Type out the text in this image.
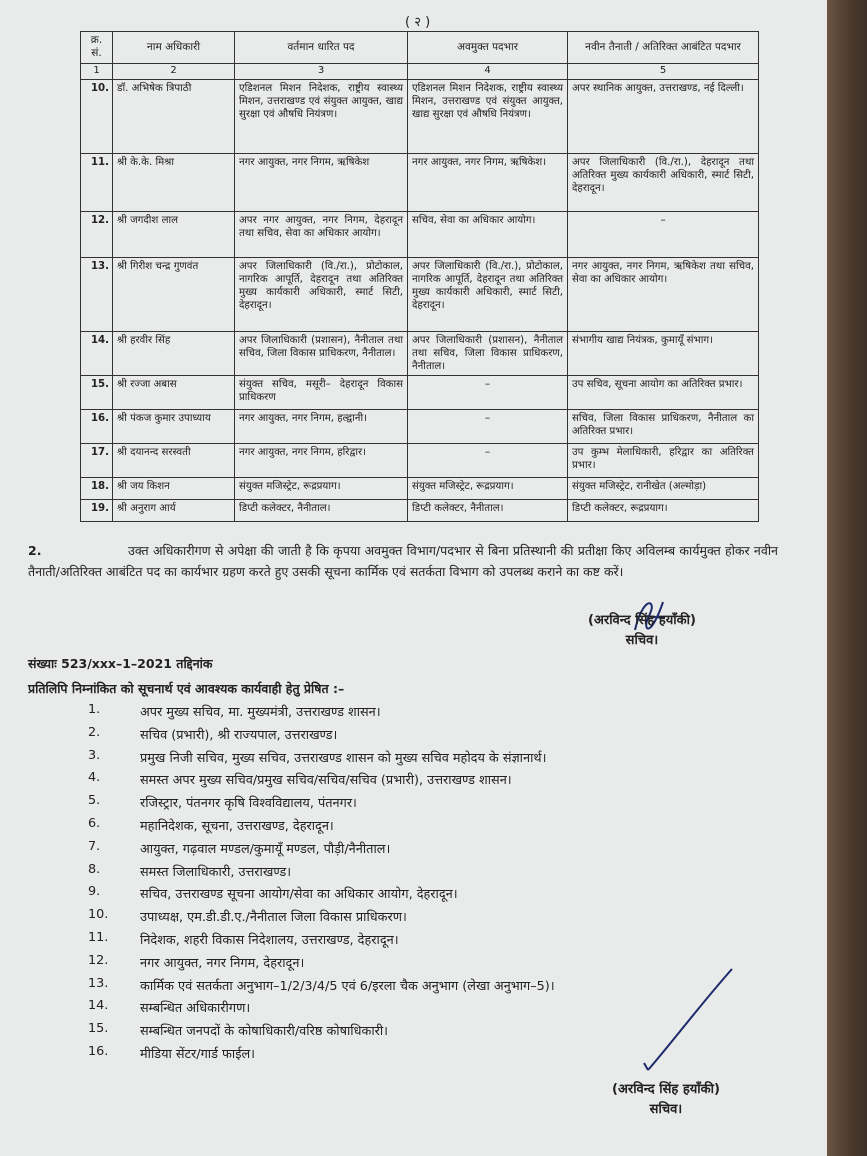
( २ )
क्र. सं.	नाम अधिकारी	वर्तमान धारित पद	अवमुक्त पदभार	नवीन तैनाती / अतिरिक्त आबंटित पदभार
1	2	3	4	5
10.	डॉ. अभिषेक त्रिपाठी	एडिशनल मिशन निदेशक, राष्ट्रीय स्वास्थ्य मिशन, उत्तराखण्ड एवं संयुक्त आयुक्त, खाद्य सुरक्षा एवं औषधि नियंत्रण।	एडिशनल मिशन निदेशक, राष्ट्रीय स्वास्थ्य मिशन, उत्तराखण्ड एवं संयुक्त आयुक्त, खाद्य सुरक्षा एवं औषधि नियंत्रण।	अपर स्थानिक आयुक्त, उत्तराखण्ड, नई दिल्ली।
11.	श्री के.के. मिश्रा	नगर आयुक्त, नगर निगम, ऋषिकेश	नगर आयुक्त, नगर निगम, ऋषिकेश।	अपर जिलाधिकारी (वि./रा.), देहरादून तथा अतिरिक्त मुख्य कार्यकारी अधिकारी, स्मार्ट सिटी, देहरादून।
12.	श्री जगदीश लाल	अपर नगर आयुक्त, नगर निगम, देहरादून तथा सचिव, सेवा का अधिकार आयोग।	सचिव, सेवा का अधिकार आयोग।	–
13.	श्री गिरीश चन्द्र गुणवंत	अपर जिलाधिकारी (वि./रा.), प्रोटोकाल, नागरिक आपूर्ति, देहरादून तथा अतिरिक्त मुख्य कार्यकारी अधिकारी, स्मार्ट सिटी, देहरादून।	अपर जिलाधिकारी (वि./रा.), प्रोटोकाल, नागरिक आपूर्ति, देहरादून तथा अतिरिक्त मुख्य कार्यकारी अधिकारी, स्मार्ट सिटी, देहरादून।	नगर आयुक्त, नगर निगम, ऋषिकेश तथा सचिव, सेवा का अधिकार आयोग।
14.	श्री हरवीर सिंह	अपर जिलाधिकारी (प्रशासन), नैनीताल तथा सचिव, जिला विकास प्राधिकरण, नैनीताल।	अपर जिलाधिकारी (प्रशासन), नैनीताल तथा सचिव, जिला विकास प्राधिकरण, नैनीताल।	संभागीय खाद्य नियंत्रक, कुमायूँ संभाग।
15.	श्री रज्जा अबास	संयुक्त सचिव, मसूरी– देहरादून विकास प्राधिकरण	–	उप सचिव, सूचना आयोग का अतिरिक्त प्रभार।
16.	श्री पंकज कुमार उपाध्याय	नगर आयुक्त, नगर निगम, हल्द्वानी।	–	सचिव, जिला विकास प्राधिकरण, नैनीताल का अतिरिक्त प्रभार।
17.	श्री दयानन्द सरस्वती	नगर आयुक्त, नगर निगम, हरिद्वार।	–	उप कुम्भ मेलाधिकारी, हरिद्वार का अतिरिक्त प्रभार।
18.	श्री जय किशन	संयुक्त मजिस्ट्रेट, रूद्रप्रयाग।	संयुक्त मजिस्ट्रेट, रूद्रप्रयाग।	संयुक्त मजिस्ट्रेट, रानीखेत (अल्मोड़ा)
19.	श्री अनुराग आर्य	डिप्टी कलेक्टर, नैनीताल।	डिप्टी कलेक्टर, नैनीताल।	डिप्टी कलेक्टर, रूद्रप्रयाग।
2.	उक्त अधिकारीगण से अपेक्षा की जाती है कि कृपया अवमुक्त विभाग/पदभार से बिना प्रतिस्थानी की प्रतीक्षा किए अविलम्ब कार्यमुक्त होकर नवीन तैनाती/अतिरिक्त आबंटित पद का कार्यभार ग्रहण करते हुए उसकी सूचना कार्मिक एवं सतर्कता विभाग को उपलब्ध कराने का कष्ट करें।
(अरविन्द सिंह हयाँकी)
सचिव।
संख्याः 523/xxx–1–2021 तद्दिनांक
प्रतिलिपि निम्नांकित को सूचनार्थ एवं आवश्यक कार्यवाही हेतु प्रेषित :–
1.	अपर मुख्य सचिव, मा. मुख्यमंत्री, उत्तराखण्ड शासन।
2.	सचिव (प्रभारी), श्री राज्यपाल, उत्तराखण्ड।
3.	प्रमुख निजी सचिव, मुख्य सचिव, उत्तराखण्ड शासन को मुख्य सचिव महोदय के संज्ञानार्थ।
4.	समस्त अपर मुख्य सचिव/प्रमुख सचिव/सचिव/सचिव (प्रभारी), उत्तराखण्ड शासन।
5.	रजिस्ट्रार, पंतनगर कृषि विश्वविद्यालय, पंतनगर।
6.	महानिदेशक, सूचना, उत्तराखण्ड, देहरादून।
7.	आयुक्त, गढ़वाल मण्डल/कुमायूँ मण्डल, पौड़ी/नैनीताल।
8.	समस्त जिलाधिकारी, उत्तराखण्ड।
9.	सचिव, उत्तराखण्ड सूचना आयोग/सेवा का अधिकार आयोग, देहरादून।
10.	उपाध्यक्ष, एम.डी.डी.ए./नैनीताल जिला विकास प्राधिकरण।
11.	निदेशक, शहरी विकास निदेशालय, उत्तराखण्ड, देहरादून।
12.	नगर आयुक्त, नगर निगम, देहरादून।
13.	कार्मिक एवं सतर्कता अनुभाग–1/2/3/4/5 एवं 6/इरला चैक अनुभाग (लेखा अनुभाग–5)।
14.	सम्बन्धित अधिकारीगण।
15.	सम्बन्धित जनपदों के कोषाधिकारी/वरिष्ठ कोषाधिकारी।
16.	मीडिया सेंटर/गार्ड फाईल।
(अरविन्द सिंह हयाँकी)
सचिव।
